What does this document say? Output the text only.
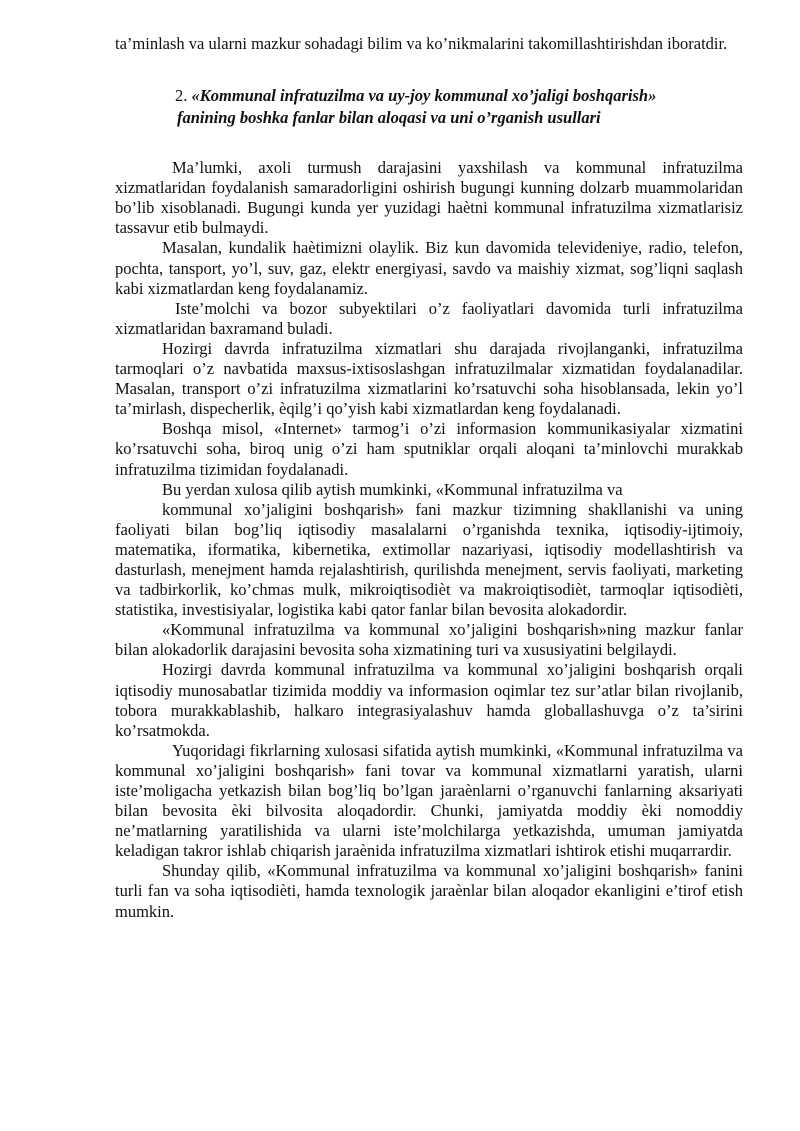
ta’minlash va ularni mazkur sohadagi bilim va ko’nikmalarini takomillashtirishdan iboratdir.

2. «Kommunal infratuzilma va uy-joy kommunal xo’jaligi boshqarish»
fanining boshka fanlar bilan aloqasi va uni o’rganish usullari

Ma’lumki, axoli turmush darajasini yaxshilash va kommunal infratuzilma xizmatlaridan foydalanish samaradorligini oshirish bugungi kunning dolzarb muammolaridan bo’lib xisoblanadi. Bugungi kunda yer yuzidagi haètni kommunal infratuzilma xizmatlarisiz tassavur etib bulmaydi.

Masalan, kundalik haètimizni olaylik. Biz kun davomida televideniye, radio, telefon, pochta, tansport, yo’l, suv, gaz, elektr energiyasi, savdo va maishiy xizmat, sog’liqni saqlash kabi xizmatlardan keng foydalanamiz.

Iste’molchi va bozor subyektilari o’z faoliyatlari davomida turli infratuzilma xizmatlaridan baxramand buladi.

Hozirgi davrda infratuzilma xizmatlari shu darajada rivojlanganki, infratuzilma tarmoqlari o’z navbatida maxsus-ixtisoslashgan infratuzilmalar xizmatidan foydalanadilar. Masalan, transport o’zi infratuzilma xizmatlarini ko’rsatuvchi soha hisoblansada, lekin yo’l ta’mirlash, dispecherlik, èqilg’i qo’yish kabi xizmatlardan keng foydalanadi.

Boshqa misol, «Internet» tarmog’i o’zi informasion kommunikasiyalar xizmatini ko’rsatuvchi soha, biroq unig o’zi ham sputniklar orqali aloqani ta’minlovchi murakkab infratuzilma tizimidan foydalanadi.

Bu yerdan xulosa qilib aytish mumkinki, «Kommunal infratuzilma va

kommunal xo’jaligini boshqarish» fani mazkur tizimning shakllanishi va uning faoliyati bilan bog’liq iqtisodiy masalalarni o’rganishda texnika, iqtisodiy-ijtimoiy, matematika, iformatika, kibernetika, extimollar nazariyasi, iqtisodiy modellashtirish va dasturlash, menejment hamda rejalashtirish, qurilishda menejment, servis faoliyati, marketing va tadbirkorlik, ko’chmas mulk, mikroiqtisodièt va makroiqtisodièt, tarmoqlar iqtisodièti, statistika, investisiyalar, logistika kabi qator fanlar bilan bevosita alokadordir.

«Kommunal infratuzilma va kommunal xo’jaligini boshqarish»ning mazkur fanlar bilan alokadorlik darajasini bevosita soha xizmatining turi va xususiyatini belgilaydi.

Hozirgi davrda kommunal infratuzilma va kommunal xo’jaligini boshqarish orqali iqtisodiy munosabatlar tizimida moddiy va informasion oqimlar tez sur’atlar bilan rivojlanib, tobora murakkablashib, halkaro integrasiyalashuv hamda globallashuvga o’z ta’sirini ko’rsatmokda.

Yuqoridagi fikrlarning xulosasi sifatida aytish mumkinki, «Kommunal infratuzilma va kommunal xo’jaligini boshqarish» fani tovar va kommunal xizmatlarni yaratish, ularni iste’moligacha yetkazish bilan bog’liq bo’lgan jaraènlarni o’rganuvchi fanlarning aksariyati bilan bevosita èki bilvosita aloqadordir. Chunki, jamiyatda moddiy èki nomoddiy ne’matlarning yaratilishida va ularni iste’molchilarga yetkazishda, umuman jamiyatda keladigan takror ishlab chiqarish jaraènida infratuzilma xizmatlari ishtirok etishi muqarrardir.

Shunday qilib, «Kommunal infratuzilma va kommunal xo’jaligini boshqarish» fanini turli fan va soha iqtisodièti, hamda texnologik jaraènlar bilan aloqador ekanligini e’tirof etish mumkin.
